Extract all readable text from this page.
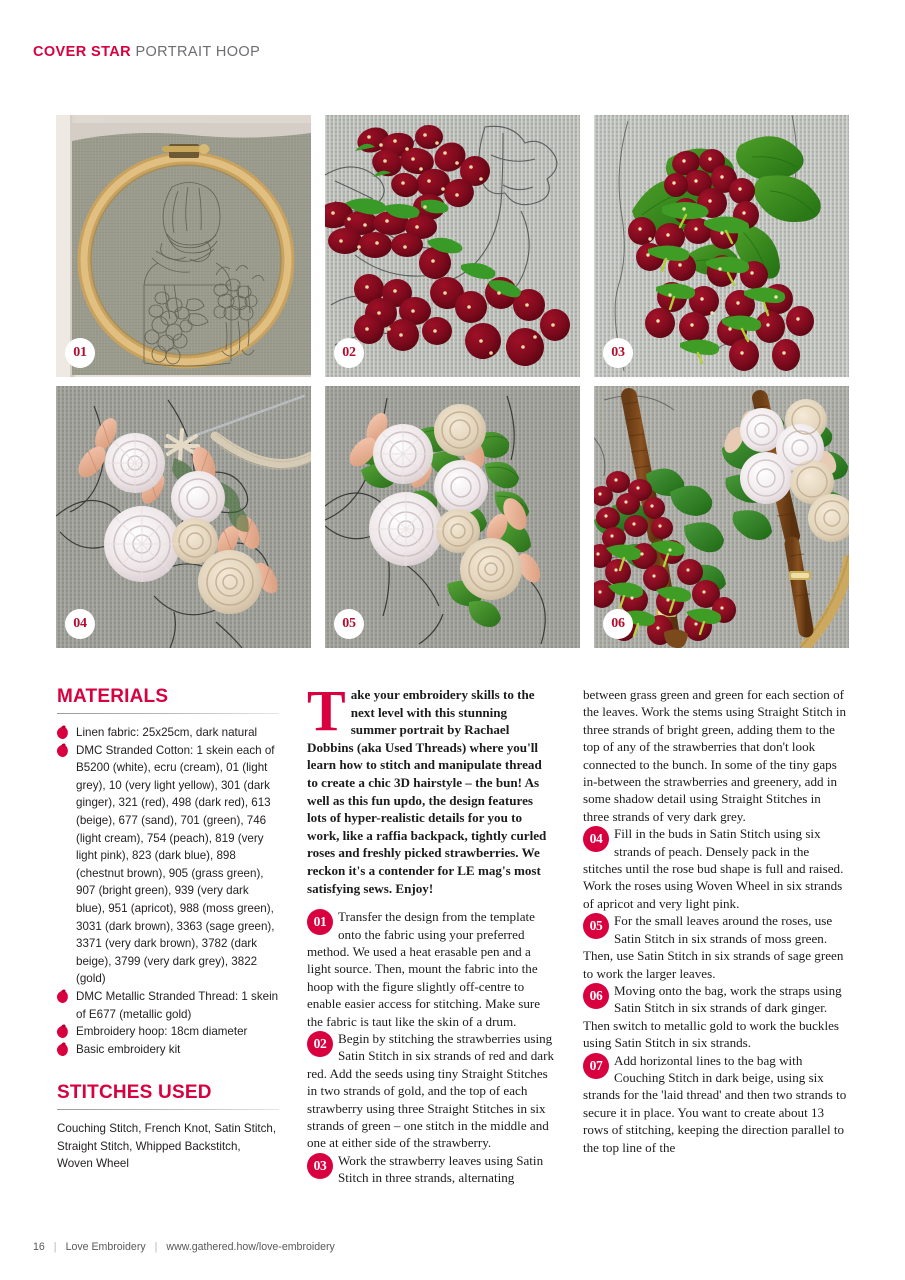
COVER STAR PORTRAIT HOOP
01	02	03
04	05	06
MATERIALS
Linen fabric: 25x25cm, dark natural
DMC Stranded Cotton: 1 skein each of B5200 (white), ecru (cream), 01 (light grey), 10 (very light yellow), 301 (dark ginger), 321 (red), 498 (dark red), 613 (beige), 677 (sand), 701 (green), 746 (light cream), 754 (peach), 819 (very light pink), 823 (dark blue), 898 (chestnut brown), 905 (grass green), 907 (bright green), 939 (very dark blue), 951 (apricot), 988 (moss green), 3031 (dark brown), 3363 (sage green), 3371 (very dark brown), 3782 (dark beige), 3799 (very dark grey), 3822 (gold)
DMC Metallic Stranded Thread: 1 skein of E677 (metallic gold)
Embroidery hoop: 18cm diameter
Basic embroidery kit
STITCHES USED
Couching Stitch, French Knot, Satin Stitch, Straight Stitch, Whipped Backstitch, Woven Wheel
Take your embroidery skills to the next level with this stunning summer portrait by Rachael Dobbins (aka Used Threads) where you'll learn how to stitch and manipulate thread to create a chic 3D hairstyle – the bun! As well as this fun updo, the design features lots of hyper-realistic details for you to work, like a raffia backpack, tightly curled roses and freshly picked strawberries. We reckon it's a contender for LE mag's most satisfying sews. Enjoy!
01 Transfer the design from the template onto the fabric using your preferred method. We used a heat erasable pen and a light source. Then, mount the fabric into the hoop with the figure slightly off-centre to enable easier access for stitching. Make sure the fabric is taut like the skin of a drum.
02 Begin by stitching the strawberries using Satin Stitch in six strands of red and dark red. Add the seeds using tiny Straight Stitches in two strands of gold, and the top of each strawberry using three Straight Stitches in six strands of green – one stitch in the middle and one at either side of the strawberry.
03 Work the strawberry leaves using Satin Stitch in three strands, alternating
between grass green and green for each section of the leaves. Work the stems using Straight Stitch in three strands of bright green, adding them to the top of any of the strawberries that don't look connected to the bunch. In some of the tiny gaps in-between the strawberries and greenery, add in some shadow detail using Straight Stitches in three strands of very dark grey.
04 Fill in the buds in Satin Stitch using six strands of peach. Densely pack in the stitches until the rose bud shape is full and raised. Work the roses using Woven Wheel in six strands of apricot and very light pink.
05 For the small leaves around the roses, use Satin Stitch in six strands of moss green. Then, use Satin Stitch in six strands of sage green to work the larger leaves.
06 Moving onto the bag, work the straps using Satin Stitch in six strands of dark ginger. Then switch to metallic gold to work the buckles using Satin Stitch in six strands.
07 Add horizontal lines to the bag with Couching Stitch in dark beige, using six strands for the 'laid thread' and then two strands to secure it in place. You want to create about 13 rows of stitching, keeping the direction parallel to the top line of the
16 | Love Embroidery | www.gathered.how/love-embroidery
